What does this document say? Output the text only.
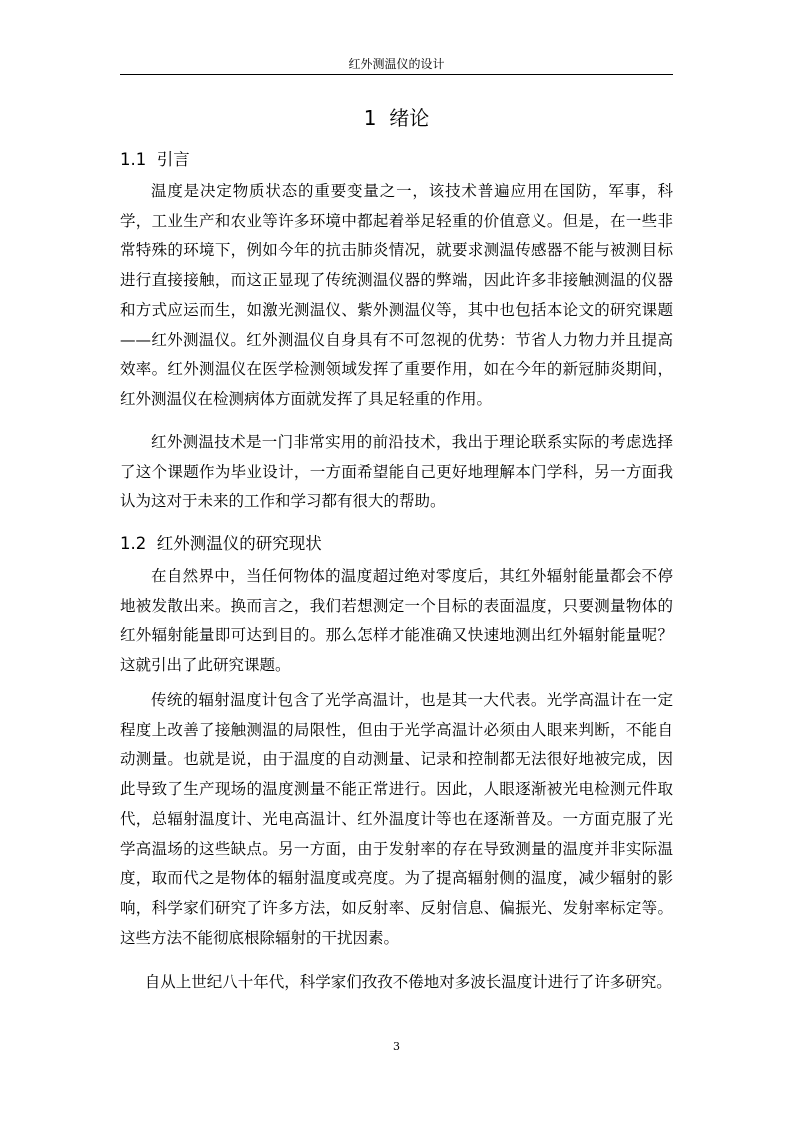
红外测温仪的设计
1  绪论
1.1  引言
温度是决定物质状态的重要变量之一，该技术普遍应用在国防，军事，科学，工业生产和农业等许多环境中都起着举足轻重的价值意义。但是，在一些非常特殊的环境下，例如今年的抗击肺炎情况，就要求测温传感器不能与被测目标进行直接接触，而这正显现了传统测温仪器的弊端，因此许多非接触测温的仪器和方式应运而生，如激光测温仪、紫外测温仪等，其中也包括本论文的研究课题——红外测温仪。红外测温仪自身具有不可忽视的优势：节省人力物力并且提高效率。红外测温仪在医学检测领域发挥了重要作用，如在今年的新冠肺炎期间，红外测温仪在检测病体方面就发挥了具足轻重的作用。
红外测温技术是一门非常实用的前沿技术，我出于理论联系实际的考虑选择了这个课题作为毕业设计，一方面希望能自己更好地理解本门学科，另一方面我认为这对于未来的工作和学习都有很大的帮助。
1.2  红外测温仪的研究现状
在自然界中，当任何物体的温度超过绝对零度后，其红外辐射能量都会不停地被发散出来。换而言之，我们若想测定一个目标的表面温度，只要测量物体的红外辐射能量即可达到目的。那么怎样才能准确又快速地测出红外辐射能量呢？这就引出了此研究课题。
传统的辐射温度计包含了光学高温计，也是其一大代表。光学高温计在一定程度上改善了接触测温的局限性，但由于光学高温计必须由人眼来判断，不能自动测量。也就是说，由于温度的自动测量、记录和控制都无法很好地被完成，因此导致了生产现场的温度测量不能正常进行。因此，人眼逐渐被光电检测元件取代，总辐射温度计、光电高温计、红外温度计等也在逐渐普及。一方面克服了光学高温场的这些缺点。另一方面，由于发射率的存在导致测量的温度并非实际温度，取而代之是物体的辐射温度或亮度。为了提高辐射侧的温度，减少辐射的影响，科学家们研究了许多方法，如反射率、反射信息、偏振光、发射率标定等。这些方法不能彻底根除辐射的干扰因素。
自从上世纪八十年代，科学家们孜孜不倦地对多波长温度计进行了许多研究。
3
